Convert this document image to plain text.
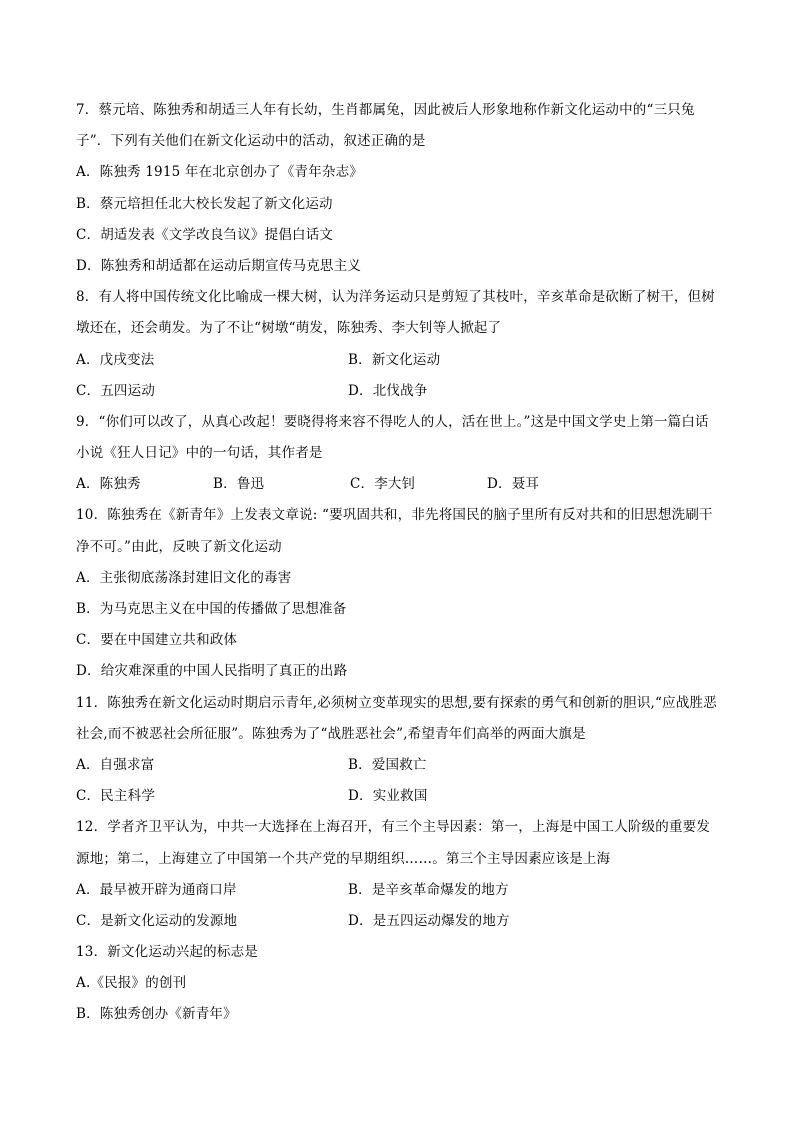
7．蔡元培、陈独秀和胡适三人年有长幼，生肖都属兔，因此被后人形象地称作新文化运动中的“三只兔
子”．下列有关他们在新文化运动中的活动，叙述正确的是
A．陈独秀 1915 年在北京创办了《青年杂志》
B．蔡元培担任北大校长发起了新文化运动
C．胡适发表《文学改良刍议》提倡白话文
D．陈独秀和胡适都在运动后期宣传马克思主义
8．有人将中国传统文化比喻成一棵大树，认为洋务运动只是剪短了其枝叶，辛亥革命是砍断了树干，但树
墩还在，还会萌发。为了不让“树墩“萌发，陈独秀、李大钊等人掀起了
A．戊戌变法	B．新文化运动
C．五四运动	D．北伐战争
9．“你们可以改了，从真心改起！要晓得将来容不得吃人的人，活在世上。”这是中国文学史上第一篇白话
小说《狂人日记》中的一句话，其作者是
A．陈独秀	B．鲁迅	C．李大钊	D．聂耳
10．陈独秀在《新青年》上发表文章说: “要巩固共和，非先将国民的脑子里所有反对共和的旧思想洗刷干
净不可。”由此，反映了新文化运动
A．主张彻底荡涤封建旧文化的毒害
B．为马克思主义在中国的传播做了思想准备
C．要在中国建立共和政体
D．给灾难深重的中国人民指明了真正的出路
11．陈独秀在新文化运动时期启示青年,必须树立变革现实的思想,要有探索的勇气和创新的胆识,“应战胜恶
社会,而不被恶社会所征服”。陈独秀为了“战胜恶社会”,希望青年们高举的两面大旗是
A．自强求富	B．爱国救亡
C．民主科学	D．实业救国
12．学者齐卫平认为，中共一大选择在上海召开，有三个主导因素：第一，上海是中国工人阶级的重要发
源地；第二，上海建立了中国第一个共产党的早期组织……。第三个主导因素应该是上海
A．最早被开辟为通商口岸	B．是辛亥革命爆发的地方
C．是新文化运动的发源地	D．是五四运动爆发的地方
13．新文化运动兴起的标志是
A.《民报》的创刊
B．陈独秀创办《新青年》
